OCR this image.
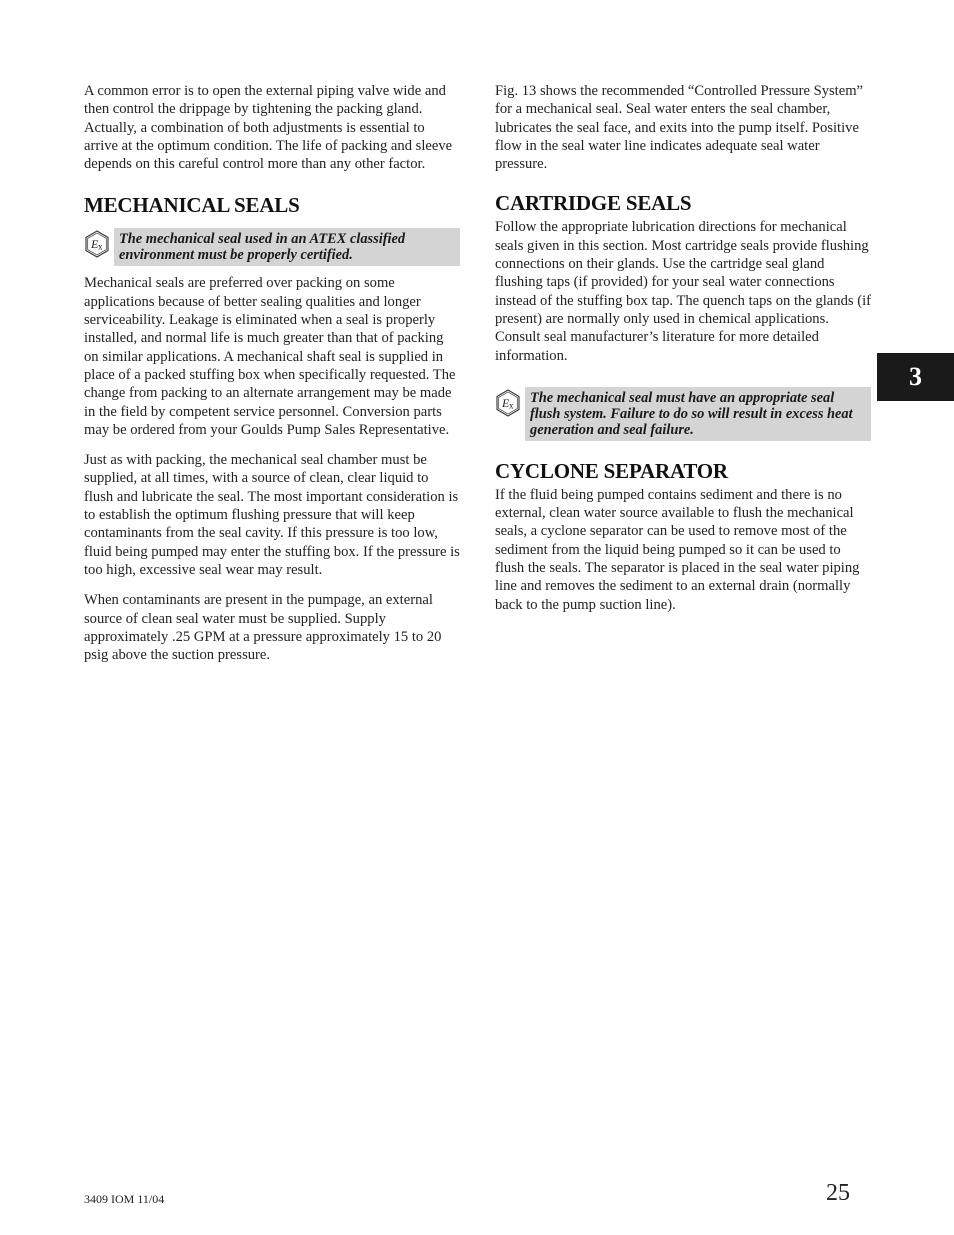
A common error is to open the external piping valve wide and then control the drippage by tightening the packing gland. Actually, a combination of both adjustments is essential to arrive at the optimum condition. The life of packing and sleeve depends on this careful control more than any other factor.

MECHANICAL SEALS
E x	The mechanical seal used in an ATEX classified environment must be properly certified.

Mechanical seals are preferred over packing on some applications because of better sealing qualities and longer serviceability. Leakage is eliminated when a seal is properly installed, and normal life is much greater than that of packing on similar applications. A mechanical shaft seal is supplied in place of a packed stuffing box when specifically requested. The change from packing to an alternate arrangement may be made in the field by competent service personnel. Conversion parts may be ordered from your Goulds Pump Sales Representative.

Just as with packing, the mechanical seal chamber must be supplied, at all times, with a source of clean, clear liquid to flush and lubricate the seal. The most important consideration is to establish the optimum flushing pressure that will keep contaminants from the seal cavity. If this pressure is too low, fluid being pumped may enter the stuffing box. If the pressure is too high, excessive seal wear may result.

When contaminants are present in the pumpage, an external source of clean seal water must be supplied. Supply approximately .25 GPM at a pressure approximately 15 to 20 psig above the suction pressure.

Fig. 13 shows the recommended “Controlled Pressure System” for a mechanical seal. Seal water enters the seal chamber, lubricates the seal face, and exits into the pump itself. Positive flow in the seal water line indicates adequate seal water pressure.

CARTRIDGE SEALS

Follow the appropriate lubrication directions for mechanical seals given in this section. Most cartridge seals provide flushing connections on their glands. Use the cartridge seal gland flushing taps (if provided) for your seal water connections instead of the stuffing box tap. The quench taps on the glands (if present) are normally only used in chemical applications. Consult seal manufacturer’s literature for more detailed information.

E x	The mechanical seal must have an appropriate seal flush system. Failure to do so will result in excess heat generation and seal failure.
CYCLONE SEPARATOR

If the fluid being pumped contains sediment and there is no external, clean water source available to flush the mechanical seals, a cyclone separator can be used to remove most of the sediment from the liquid being pumped so it can be used to flush the seals. The separator is placed in the seal water piping line and removes the sediment to an external drain (normally back to the pump suction line).

3
3409 IOM 11/04	25
